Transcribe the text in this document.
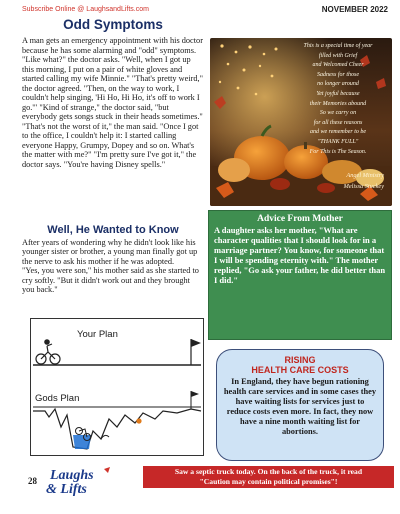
Subscribe Online @ LaughsandLifts.com	NOVEMBER 2022
Odd Symptoms
A man gets an emergency appointment with his doctor because he has some alarming and "odd" symptoms. "Like what?" the doctor asks. "Well, when I got up this morning, I put on a pair of white gloves and started calling my wife Minnie." "That's pretty weird," the doctor agreed. "Then, on the way to work, I couldn't help singing, 'Hi Ho, Hi Ho, it's off to work I go.'" "Kind of strange," the doctor said, "but everybody gets songs stuck in their heads sometimes." "That's not the worst of it," the man said. "Once I got to the office, I couldn't help it: I started calling everyone Happy, Grumpy, Dopey and so on. What's the matter with me?" "I'm pretty sure I've got it," the doctor says. "You're having Disney spells."
This is a special time of year
filled with Grief
and Welcomed Cheer
Sadness for those
no longer around
Yet joyful because
their Memories abound
So we carry on
for all these reasons
and we remember to be
"THANK FULL"
For This is The Season.
Angel Ministry
Melissa Stuckey
Well, He Wanted to Know
After years of wondering why he didn't look like his younger sister or brother, a young man finally got up the nerve to ask his mother if he was adopted.
"Yes, you were son," his mother said as she started to cry softly. "But it didn't work out and they brought you back."
Advice From Mother
A daughter asks her mother, "What are character qualities that I should look for in a marriage partner? You know, for someone that I will be spending eternity with." The mother replied, "Go ask your father, he did better than I did."
Your Plan
Gods Plan
RISING
HEALTH CARE COSTS
In England, they have begun rationing health care services and in some cases they have waiting lists for services just to reduce costs even more. In fact, they now have a nine month waiting list for abortions.
28 Laughs
& Lifts
Saw a septic truck today. On the back of the truck, it read
"Caution may contain political promises"!
